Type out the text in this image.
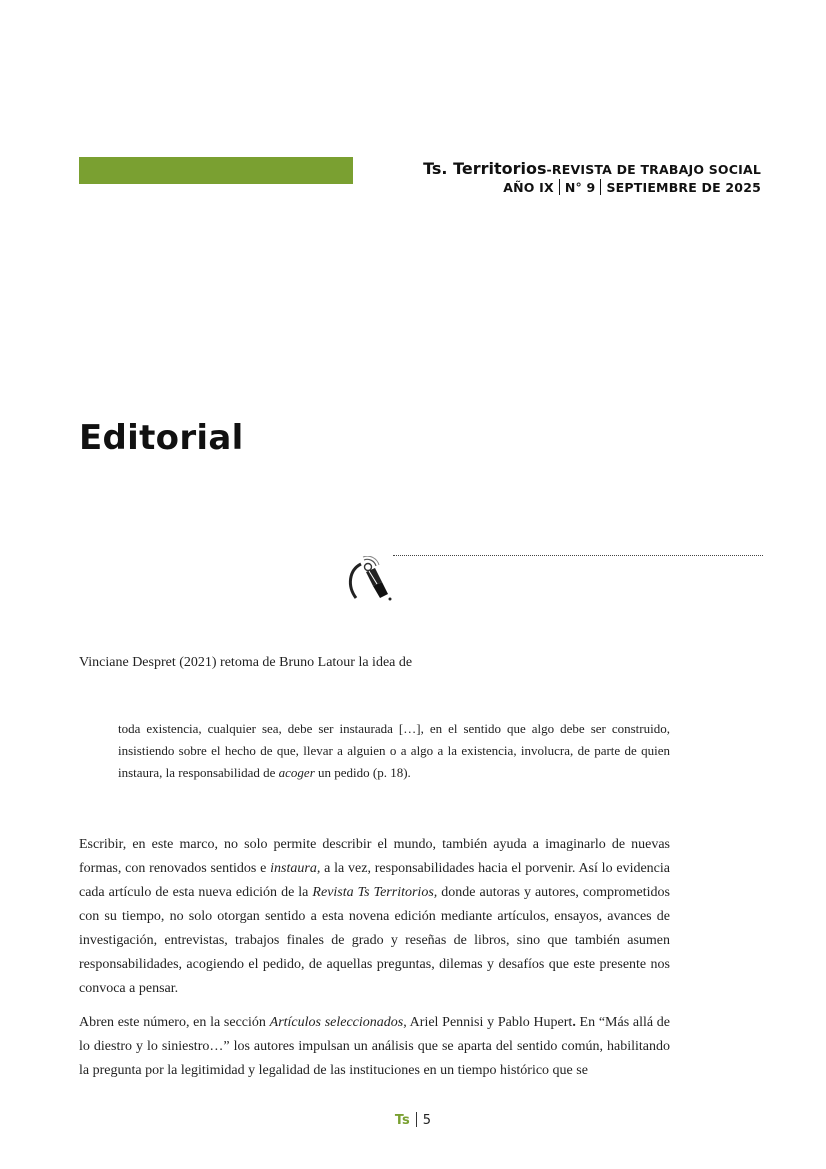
Ts. Territorios-REVISTA DE TRABAJO SOCIAL
AÑO IX N° 9 SEPTIEMBRE DE 2025
Editorial

Vinciane Despret (2021) retoma de Bruno Latour la idea de

toda existencia, cualquier sea, debe ser instaurada […], en el sentido que algo debe ser construido, insistiendo sobre el hecho de que, llevar a alguien o a algo a la existencia, involucra, de parte de quien instaura, la responsabilidad de acoger un pedido (p. 18).

Escribir, en este marco, no solo permite describir el mundo, también ayuda a imaginarlo de nuevas formas, con renovados sentidos e instaura, a la vez, responsabilidades hacia el porvenir. Así lo evidencia cada artículo de esta nueva edición de la Revista Ts Territorios, donde autoras y autores, comprometidos con su tiempo, no solo otorgan sentido a esta novena edición mediante artículos, ensayos, avances de investigación, entrevistas, trabajos finales de grado y reseñas de libros, sino que también asumen responsabilidades, acogiendo el pedido, de aquellas preguntas, dilemas y desafíos que este presente nos convoca a pensar.

Abren este número, en la sección Artículos seleccionados, Ariel Pennisi y Pablo Hupert. En “Más allá de lo diestro y lo siniestro…” los autores impulsan un análisis que se aparta del sentido común, habilitando la pregunta por la legitimidad y legalidad de las instituciones en un tiempo histórico que se

Ts 5
